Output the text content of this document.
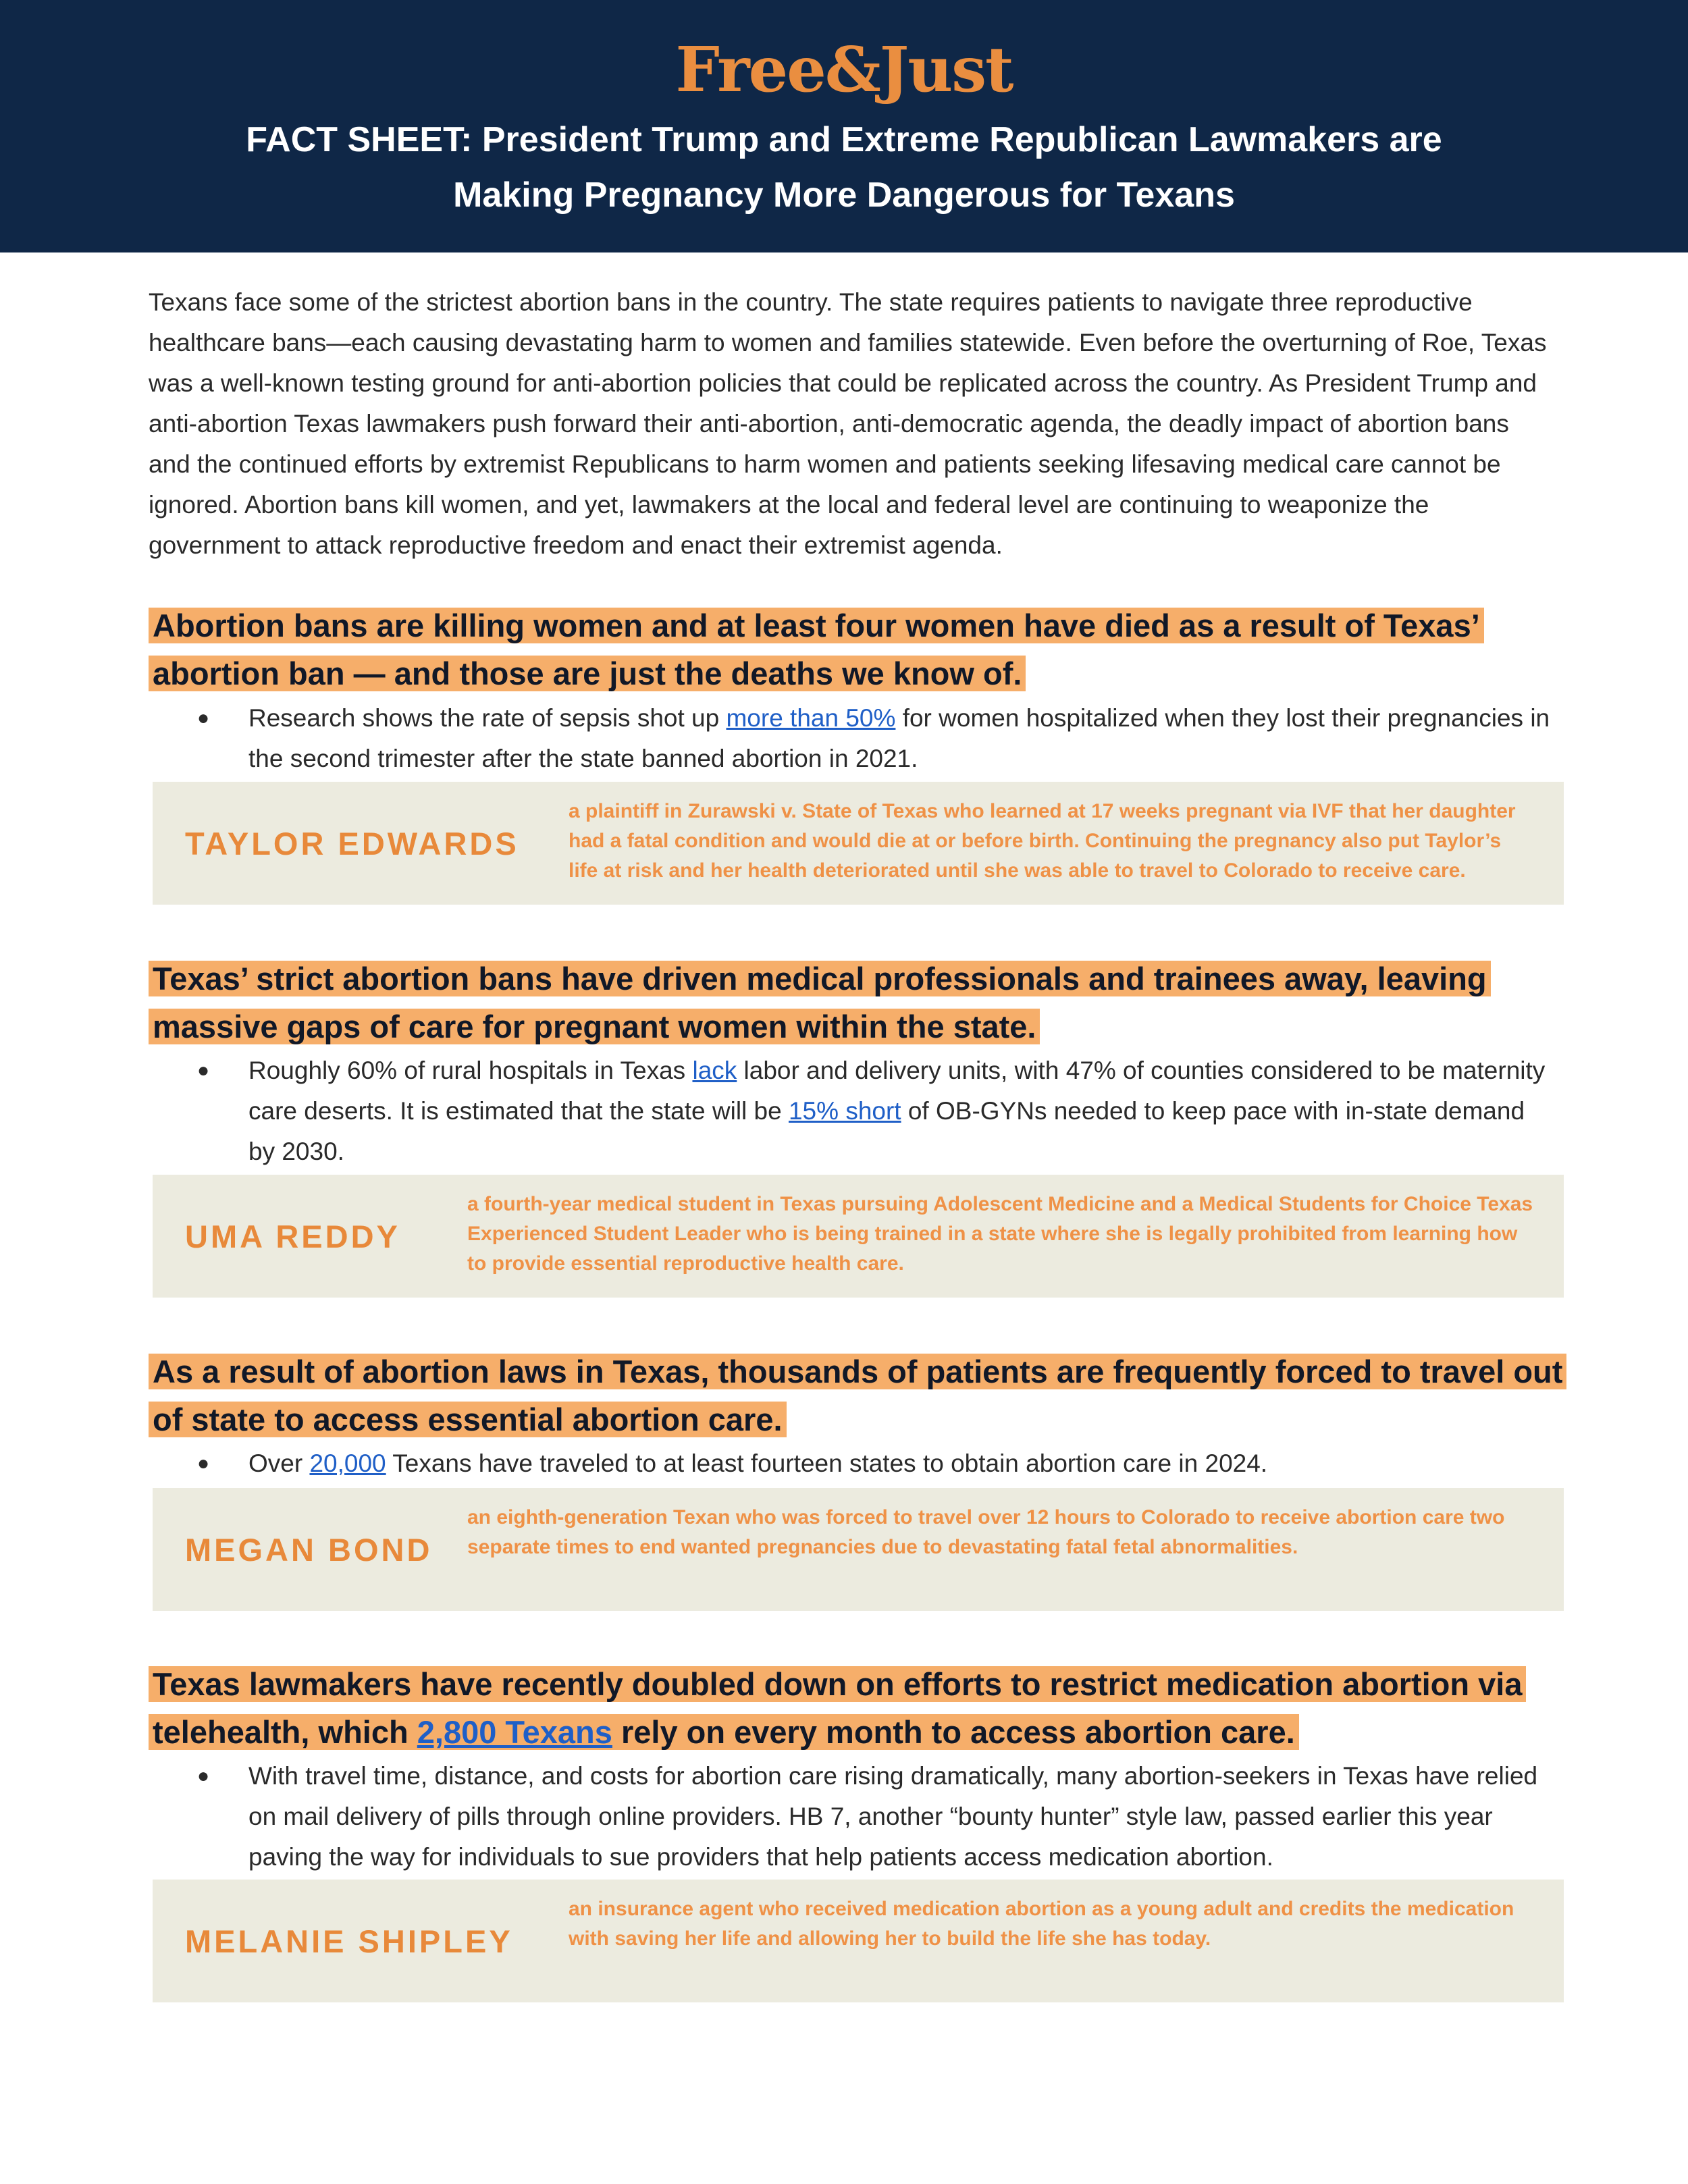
Free&Just
FACT SHEET: President Trump and Extreme Republican Lawmakers are
Making Pregnancy More Dangerous for Texans
Texans face some of the strictest abortion bans in the country. The state requires patients to navigate three reproductive healthcare bans—each causing devastating harm to women and families statewide. Even before the overturning of Roe, Texas was a well-known testing ground for anti-abortion policies that could be replicated across the country. As President Trump and anti-abortion Texas lawmakers push forward their anti-abortion, anti-democratic agenda, the deadly impact of abortion bans and the continued efforts by extremist Republicans to harm women and patients seeking lifesaving medical care cannot be ignored. Abortion bans kill women, and yet, lawmakers at the local and federal level are continuing to weaponize the government to attack reproductive freedom and enact their extremist agenda.
Abortion bans are killing women and at least four women have died as a result of Texas’ abortion ban — and those are just the deaths we know of.
● Research shows the rate of sepsis shot up more than 50% for women hospitalized when they lost their pregnancies in the second trimester after the state banned abortion in 2021.
TAYLOR EDWARDS
a plaintiff in Zurawski v. State of Texas who learned at 17 weeks pregnant via IVF that her daughter had a fatal condition and would die at or before birth. Continuing the pregnancy also put Taylor’s life at risk and her health deteriorated until she was able to travel to Colorado to receive care.
Texas’ strict abortion bans have driven medical professionals and trainees away, leaving massive gaps of care for pregnant women within the state.
● Roughly 60% of rural hospitals in Texas lack labor and delivery units, with 47% of counties considered to be maternity care deserts. It is estimated that the state will be 15% short of OB-GYNs needed to keep pace with in-state demand by 2030.
UMA REDDY
a fourth-year medical student in Texas pursuing Adolescent Medicine and a Medical Students for Choice Texas Experienced Student Leader who is being trained in a state where she is legally prohibited from learning how to provide essential reproductive health care.
As a result of abortion laws in Texas, thousands of patients are frequently forced to travel out of state to access essential abortion care.
● Over 20,000 Texans have traveled to at least fourteen states to obtain abortion care in 2024.
MEGAN BOND
an eighth-generation Texan who was forced to travel over 12 hours to Colorado to receive abortion care two separate times to end wanted pregnancies due to devastating fatal fetal abnormalities.
Texas lawmakers have recently doubled down on efforts to restrict medication abortion via telehealth, which 2,800 Texans rely on every month to access abortion care.
● With travel time, distance, and costs for abortion care rising dramatically, many abortion-seekers in Texas have relied on mail delivery of pills through online providers. HB 7, another “bounty hunter” style law, passed earlier this year paving the way for individuals to sue providers that help patients access medication abortion.
MELANIE SHIPLEY
an insurance agent who received medication abortion as a young adult and credits the medication with saving her life and allowing her to build the life she has today.
